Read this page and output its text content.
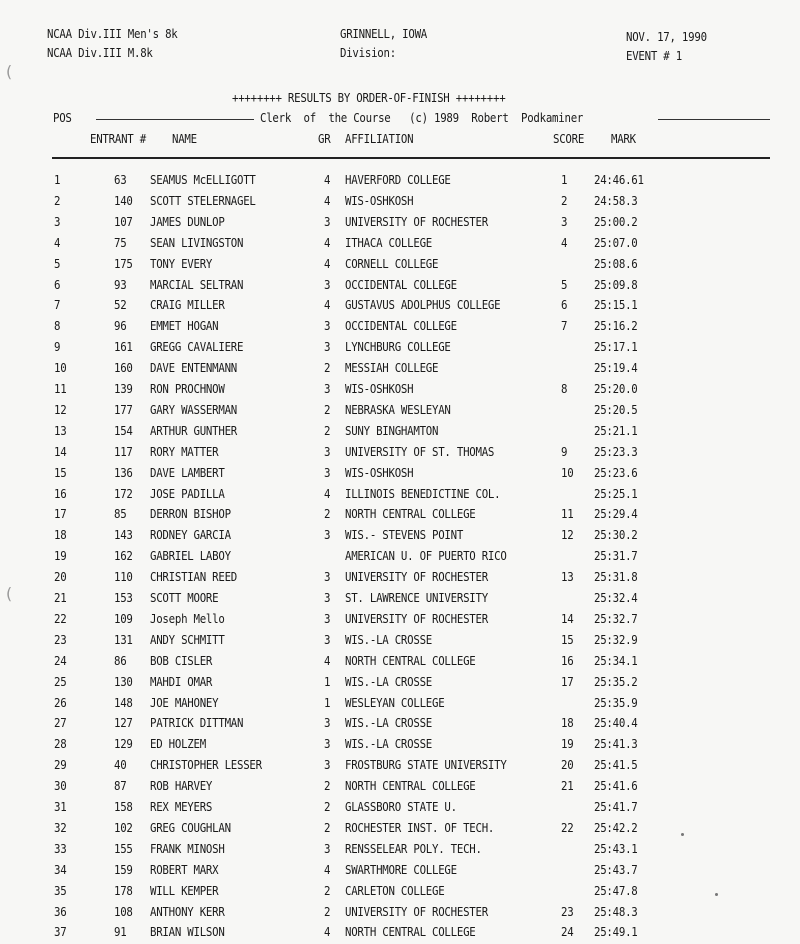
NCAA Div.III Men's 8k
NCAA Div.III M.8k
GRINNELL, IOWA
Division:
NOV. 17, 1990
EVENT # 1
(
(
++++++++ RESULTS BY ORDER-OF-FINISH ++++++++
POS	Clerk  of  the Course   (c) 1989  Robert  Podkaminer
ENTRANT # NAME	GR AFFILIATION	SCORE MARK
1	63 SEAMUS McELLIGOTT	4 HAVERFORD COLLEGE	1 24:46.61
2	140 SCOTT STELERNAGEL	4 WIS-OSHKOSH	2 24:58.3
3	107 JAMES DUNLOP	3 UNIVERSITY OF ROCHESTER	3 25:00.2
4	75 SEAN LIVINGSTON	4 ITHACA COLLEGE	4 25:07.0
5	175 TONY EVERY	4 CORNELL COLLEGE	25:08.6
6	93 MARCIAL SELTRAN	3 OCCIDENTAL COLLEGE	5 25:09.8
7	52 CRAIG MILLER	4 GUSTAVUS ADOLPHUS COLLEGE	6 25:15.1
8	96 EMMET HOGAN	3 OCCIDENTAL COLLEGE	7 25:16.2
9	161 GREGG CAVALIERE	3 LYNCHBURG COLLEGE	25:17.1
10	160 DAVE ENTENMANN	2 MESSIAH COLLEGE	25:19.4
11	139 RON PROCHNOW	3 WIS-OSHKOSH	8 25:20.0
12	177 GARY WASSERMAN	2 NEBRASKA WESLEYAN	25:20.5
13	154 ARTHUR GUNTHER	2 SUNY BINGHAMTON	25:21.1
14	117 RORY MATTER	3 UNIVERSITY OF ST. THOMAS	9 25:23.3
15	136 DAVE LAMBERT	3 WIS-OSHKOSH	10 25:23.6
16	172 JOSE PADILLA	4 ILLINOIS BENEDICTINE COL.	25:25.1
17	85 DERRON BISHOP	2 NORTH CENTRAL COLLEGE	11 25:29.4
18	143 RODNEY GARCIA	3 WIS.- STEVENS POINT	12 25:30.2
19	162 GABRIEL LABOY	AMERICAN U. OF PUERTO RICO	25:31.7
20	110 CHRISTIAN REED	3 UNIVERSITY OF ROCHESTER	13 25:31.8
21	153 SCOTT MOORE	3 ST. LAWRENCE UNIVERSITY	25:32.4
22	109 Joseph Mello	3 UNIVERSITY OF ROCHESTER	14 25:32.7
23	131 ANDY SCHMITT	3 WIS.-LA CROSSE	15 25:32.9
24	86 BOB CISLER	4 NORTH CENTRAL COLLEGE	16 25:34.1
25	130 MAHDI OMAR	1 WIS.-LA CROSSE	17 25:35.2
26	148 JOE MAHONEY	1 WESLEYAN COLLEGE	25:35.9
27	127 PATRICK DITTMAN	3 WIS.-LA CROSSE	18 25:40.4
28	129 ED HOLZEM	3 WIS.-LA CROSSE	19 25:41.3
29	40 CHRISTOPHER LESSER	3 FROSTBURG STATE UNIVERSITY	20 25:41.5
30	87 ROB HARVEY	2 NORTH CENTRAL COLLEGE	21 25:41.6
31	158 REX MEYERS	2 GLASSBORO STATE U.	25:41.7
32	102 GREG COUGHLAN	2 ROCHESTER INST. OF TECH.	22 25:42.2
33	155 FRANK MINOSH	3 RENSSELEAR POLY. TECH.	25:43.1
34	159 ROBERT MARX	4 SWARTHMORE COLLEGE	25:43.7
35	178 WILL KEMPER	2 CARLETON COLLEGE	25:47.8
36	108 ANTHONY KERR	2 UNIVERSITY OF ROCHESTER	23 25:48.3
37	91 BRIAN WILSON	4 NORTH CENTRAL COLLEGE	24 25:49.1
